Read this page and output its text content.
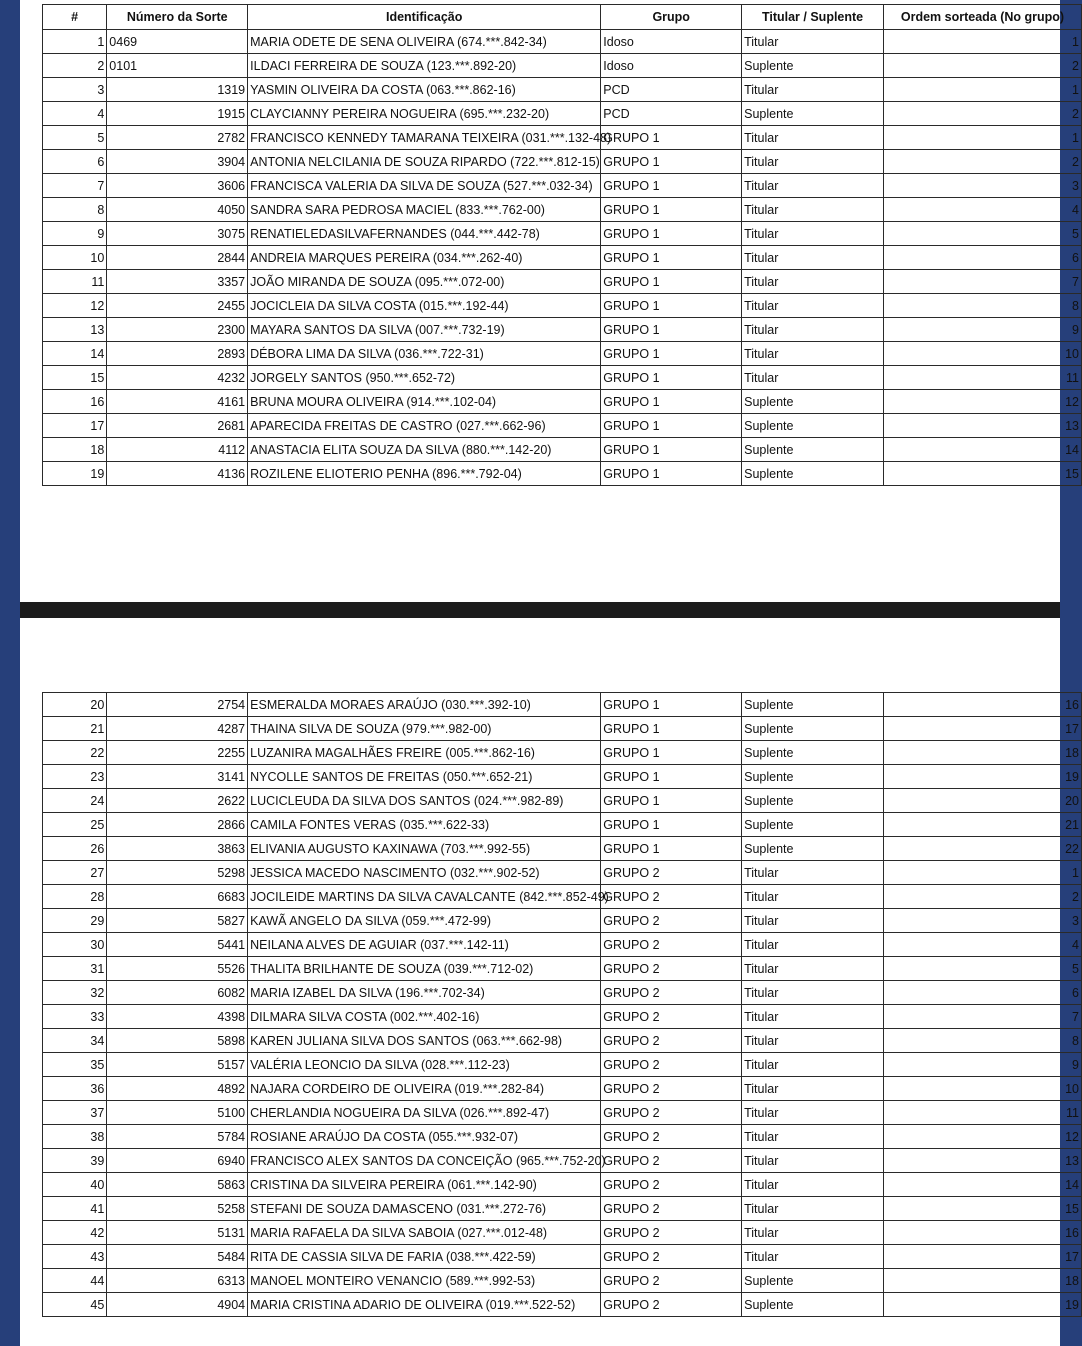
#	Número da Sorte	Identificação	Grupo	Titular / Suplente	Ordem sorteada (No grupo)
1	0469	MARIA ODETE DE SENA OLIVEIRA (674.***.842-34)	Idoso	Titular	1
2	0101	ILDACI FERREIRA DE SOUZA (123.***.892-20)	Idoso	Suplente	2
3	1319	YASMIN OLIVEIRA DA COSTA (063.***.862-16)	PCD	Titular	1
4	1915	CLAYCIANNY PEREIRA NOGUEIRA (695.***.232-20)	PCD	Suplente	2
5	2782	FRANCISCO KENNEDY TAMARANA TEIXEIRA (031.***.132-48)	GRUPO 1	Titular	1
6	3904	ANTONIA NELCILANIA DE SOUZA RIPARDO (722.***.812-15)	GRUPO 1	Titular	2
7	3606	FRANCISCA VALERIA DA SILVA DE SOUZA (527.***.032-34)	GRUPO 1	Titular	3
8	4050	SANDRA SARA PEDROSA MACIEL (833.***.762-00)	GRUPO 1	Titular	4
9	3075	RENATIELEDASILVAFERNANDES (044.***.442-78)	GRUPO 1	Titular	5
10	2844	ANDREIA MARQUES PEREIRA (034.***.262-40)	GRUPO 1	Titular	6
11	3357	JOÃO MIRANDA DE SOUZA (095.***.072-00)	GRUPO 1	Titular	7
12	2455	JOCICLEIA DA SILVA COSTA (015.***.192-44)	GRUPO 1	Titular	8
13	2300	MAYARA SANTOS DA SILVA (007.***.732-19)	GRUPO 1	Titular	9
14	2893	DÉBORA LIMA DA SILVA (036.***.722-31)	GRUPO 1	Titular	10
15	4232	JORGELY SANTOS (950.***.652-72)	GRUPO 1	Titular	11
16	4161	BRUNA MOURA OLIVEIRA (914.***.102-04)	GRUPO 1	Suplente	12
17	2681	APARECIDA FREITAS DE CASTRO (027.***.662-96)	GRUPO 1	Suplente	13
18	4112	ANASTACIA ELITA SOUZA DA SILVA (880.***.142-20)	GRUPO 1	Suplente	14
19	4136	ROZILENE ELIOTERIO PENHA (896.***.792-04)	GRUPO 1	Suplente	15
20	2754	ESMERALDA MORAES ARAÚJO (030.***.392-10)	GRUPO 1	Suplente	16
21	4287	THAINA SILVA DE SOUZA (979.***.982-00)	GRUPO 1	Suplente	17
22	2255	LUZANIRA MAGALHÃES FREIRE (005.***.862-16)	GRUPO 1	Suplente	18
23	3141	NYCOLLE SANTOS DE FREITAS (050.***.652-21)	GRUPO 1	Suplente	19
24	2622	LUCICLEUDA DA SILVA DOS SANTOS (024.***.982-89)	GRUPO 1	Suplente	20
25	2866	CAMILA FONTES VERAS (035.***.622-33)	GRUPO 1	Suplente	21
26	3863	ELIVANIA AUGUSTO KAXINAWA (703.***.992-55)	GRUPO 1	Suplente	22
27	5298	JESSICA MACEDO NASCIMENTO (032.***.902-52)	GRUPO 2	Titular	1
28	6683	JOCILEIDE MARTINS DA SILVA CAVALCANTE (842.***.852-49)	GRUPO 2	Titular	2
29	5827	KAWÃ ANGELO DA SILVA (059.***.472-99)	GRUPO 2	Titular	3
30	5441	NEILANA ALVES DE AGUIAR (037.***.142-11)	GRUPO 2	Titular	4
31	5526	THALITA BRILHANTE DE SOUZA (039.***.712-02)	GRUPO 2	Titular	5
32	6082	MARIA IZABEL DA SILVA (196.***.702-34)	GRUPO 2	Titular	6
33	4398	DILMARA SILVA COSTA (002.***.402-16)	GRUPO 2	Titular	7
34	5898	KAREN JULIANA SILVA DOS SANTOS (063.***.662-98)	GRUPO 2	Titular	8
35	5157	VALÉRIA LEONCIO DA SILVA (028.***.112-23)	GRUPO 2	Titular	9
36	4892	NAJARA CORDEIRO DE OLIVEIRA (019.***.282-84)	GRUPO 2	Titular	10
37	5100	CHERLANDIA NOGUEIRA DA SILVA (026.***.892-47)	GRUPO 2	Titular	11
38	5784	ROSIANE ARAÚJO DA COSTA (055.***.932-07)	GRUPO 2	Titular	12
39	6940	FRANCISCO ALEX SANTOS DA CONCEIÇÃO (965.***.752-20)	GRUPO 2	Titular	13
40	5863	CRISTINA DA SILVEIRA PEREIRA (061.***.142-90)	GRUPO 2	Titular	14
41	5258	STEFANI DE SOUZA DAMASCENO (031.***.272-76)	GRUPO 2	Titular	15
42	5131	MARIA RAFAELA DA SILVA SABOIA (027.***.012-48)	GRUPO 2	Titular	16
43	5484	RITA DE CASSIA SILVA DE FARIA (038.***.422-59)	GRUPO 2	Titular	17
44	6313	MANOEL MONTEIRO VENANCIO (589.***.992-53)	GRUPO 2	Suplente	18
45	4904	MARIA CRISTINA ADARIO DE OLIVEIRA (019.***.522-52)	GRUPO 2	Suplente	19
